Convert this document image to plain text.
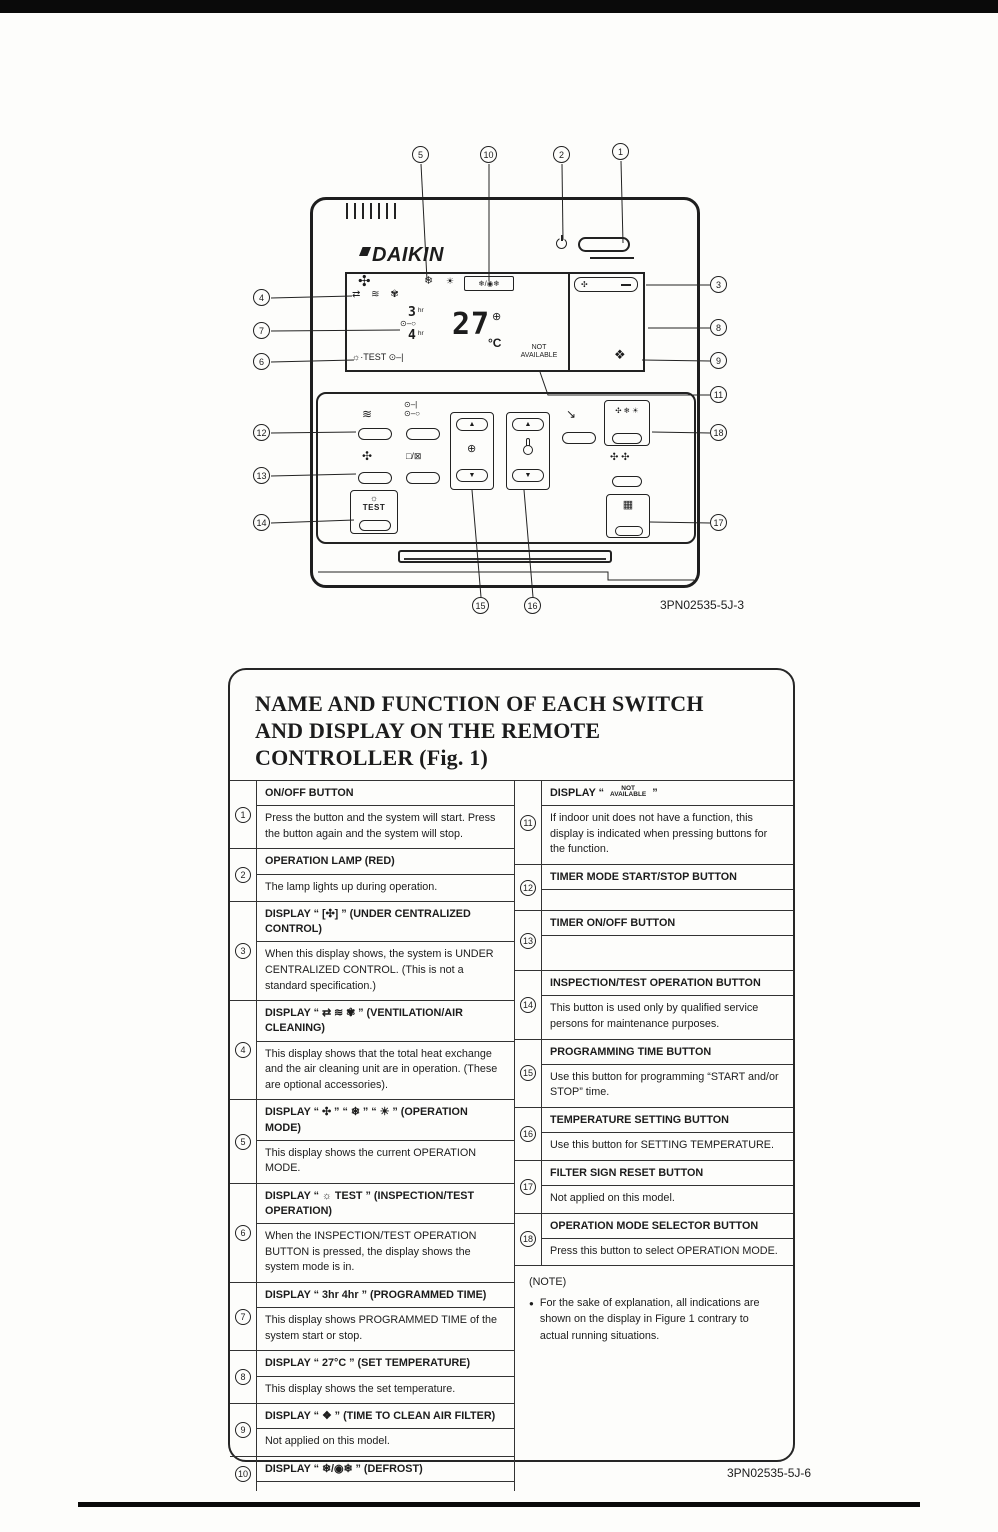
DAIKIN
✣	❄ ☀	❄/◉❄	✣
⇄ ≋ ✾
3 hr
⊙–○
4 hr 27 ⊕
°C	NOT
AVAILABLE
☼·TEST ⊙–|	❖
≋
⊙–|
⊙–○
✣	□/⊠
▲
⊕
▼
▲
▼
↘	✣ ❄ ☀
✣ ✣
☼
TEST	▦
3PN02535-5J-3
5	10	2	1
3
8
9
11
18
17
4
7
6
12
13
14
15	16
NAME AND FUNCTION OF EACH SWITCH
AND DISPLAY ON THE REMOTE
CONTROLLER (Fig. 1)
1
ON/OFF BUTTON
Press the button and the system will start. Press the button again and the system will stop.
2
OPERATION LAMP (RED)
The lamp lights up during operation.
3
DISPLAY “ [✣] ” (UNDER CENTRALIZED CONTROL)
When this display shows, the system is UNDER CENTRALIZED CONTROL. (This is not a standard specification.)
4
DISPLAY “ ⇄ ≋ ✾ ” (VENTILATION/AIR CLEANING)
This display shows that the total heat exchange and the air cleaning unit are in operation. (These are optional accessories).
5
DISPLAY “ ✣ ” “ ❄ ” “ ☀ ” (OPERATION MODE)
This display shows the current OPERATION MODE.
6
DISPLAY “ ☼ TEST ” (INSPECTION/TEST OPERATION)
When the INSPECTION/TEST OPERATION BUTTON is pressed, the display shows the system mode is in.
7
DISPLAY “ 3hr 4hr ” (PROGRAMMED TIME)
This display shows PROGRAMMED TIME of the system start or stop.
8
DISPLAY “ 27°C ” (SET TEMPERATURE)
This display shows the set temperature.
9
DISPLAY “ ❖ ” (TIME TO CLEAN AIR FILTER)
Not applied on this model.
10	DISPLAY “ ❄/◉❄ ” (DEFROST)
11
DISPLAY “	NOT
AVAILABLE ”
If indoor unit does not have a function, this display is indicated when pressing buttons for the function.
12
TIMER MODE START/STOP BUTTON
13
TIMER ON/OFF BUTTON
14
INSPECTION/TEST OPERATION BUTTON
This button is used only by qualified service persons for maintenance purposes.
15
PROGRAMMING TIME BUTTON
Use this button for programming “START and/or STOP” time.
16
TEMPERATURE SETTING BUTTON
Use this button for SETTING TEMPERATURE.
17
FILTER SIGN RESET BUTTON
Not applied on this model.
18
OPERATION MODE SELECTOR BUTTON
Press this button to select OPERATION MODE.
(NOTE)
● For the sake of explanation, all indications are shown on the display in Figure 1 contrary to actual running situations.
3PN02535-5J-6
